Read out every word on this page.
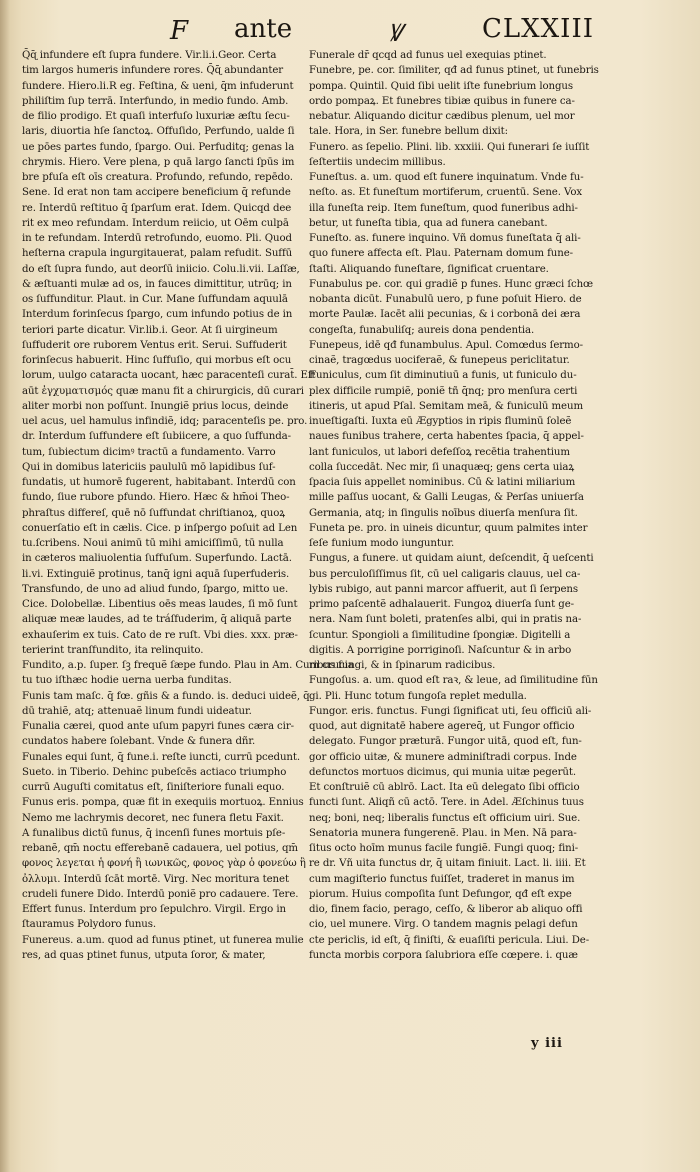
F ante	Ꝟ	CLXXIII
Q̄ɋ̄ infundere eſt ſupra fundere. Vir.li.i.Geor. Certa
tim largos humeris infundere rores. Q̄ɋ̄ abundanter
fundere. Hiero.li.R eg. Feſtina, & ueni, q̄m infuderunt
philiſtim ſup terrā. Interfundo, in medio fundo. Amb.
de filio prodigo. Et quaſi interfuſo luxuriæ æſtu ſecu-
laris, diuortia hſe ſanctoꝝ. Offuſido, Perfundo, ualde ſi
ue pōes partes fundo, ſpargo. Oui. Perfuditq; genas la
chrymis. Hiero. Vere plena, p quā largo ſancti ſpūs im
bre pfuſa eſt oīs creatura. Profundo, refundo, repēdo.
Sene. Id erat non tam accipere beneficium q̄ refunde
re. Interdū reſtituo q̄ ſparſum erat. Idem. Quicqd dee
rit ex meo refundam. Interdum reiicio, ut Oēm culpā
in te refundam. Interdū retrofundo, euomo. Pli. Quod
heſterna crapula ingurgitauerat, palam refudit. Suffū
do eſt ſupra fundo, aut deorſū iniicio. Colu.li.vii. Laſſæ,
& æſtuanti mulæ ad os, in fauces dimittitur, utrūq; in
os ſuffunditur. Plaut. in Cur. Mane ſuffundam aquulā
Interdum forinſecus ſpargo, cum infundo potius de in
teriori parte dicatur. Vir.lib.i. Geor. At ſi uirgineum
ſuffuderit ore ruborem Ventus erit. Serui. Suffuderit
forinſecus habuerit. Hinc ſuffuſio, qui morbus eſt ocu
lorum, uulgo cataracta uocant, hæc paracenteſi curat̄. Eſt
aūt ἐγχυματισμός quæ manu fit a chirurgicis, dū curari
aliter morbi non poſſunt. Inungiẽ prius locus, deinde
uel acus, uel hamulus infindiẽ, idq; paracenteſis pe. pro.
dr. Interdum ſuffundere eſt ſubiicere, a quo ſuffunda-
tum, ſubiectum dicimꝰ tractū a fundamento. Varro
Qui in domibus latericiis paululū mō lapidibus ſuf-
fundatis, ut humorē fugerent, habitabant. Interdū con
fundo, ſiue rubore pfundo. Hiero. Hæc & hm̄oi Theo-
phraſtus differeſ, quē nō ſuffundat chriſtianoꝝ, quoꝝ
conuerſatio eſt in cælis. Cice. p inſpergo poſuit ad Len
tu.ſcribens. Noui animū tū mihi amiciſſimū, tū nulla
in cæteros maliuolentia ſuffuſum. Superfundo. Lactā.
li.vi. Extinguiẽ protinus, tanq̄ igni aquā ſuperfuderis.
Transfundo, de uno ad aliud fundo, ſpargo, mitto ue.
Cice. Dolobellæ. Libentius oēs meas laudes, ſi mō ſunt
aliquæ meæ laudes, ad te tráſfuderim, q̄ aliquā parte
exhauſerim ex tuis. Cato de re ruſt. Vbi dies. xxx. præ-
terierint tranſfundito, ita relinquito.
Fundito, a.p. ſuper. ſꝫ frequẽ ſæpe fundo. Plau in Am. Cum crucia
tu tuo iſthæc hodie uerna uerba funditas.
Funis tam maſc. q̄ fœ. gñis & a fundo. is. deduci uideẽ, q̄
dū trahiẽ, atq; attenuaẽ linum fundi uideatur.
Funalia cærei, quod ante uſum papyri funes cæra cir-
cundatos habere ſolebant. Vnde & funera dñr.
Funales equi ſunt, q̄ fune.i. reſte iuncti, currū pcedunt.
Sueto. in Tiberio. Dehinc pubeſcēs actiaco triumpho
currū Auguſti comitatus eſt, ſiniſteriore funali equo.
Funus eris. pompa, quæ fit in exequiis mortuoꝝ. Ennius
Nemo me lachrymis decoret, nec funera fletu Faxit.
A funalibus dictū funus, q̄ incenſi funes mortuis pſe-
rebanẽ, qm̄ noctu efferebanẽ cadauera, uel potius, qm̄
φονος λεγεται ἡ φονή ἢ ιωνικῶς, φονος γὰρ ὁ φονεύω ἢ
ὀλλυμι. Interdū ſcāt mortē. Virg. Nec moritura tenet
crudeli funere Dido. Interdū poniẽ pro cadauere. Tere.
Effert funus. Interdum pro ſepulchro. Virgil. Ergo in
ſtauramus Polydoro funus.
Funereus. a.um. quod ad funus ptinet, ut funerea mulie
res, ad quas ptinet funus, utputa ſoror, & mater,
Funerale dr̄ qcqd ad funus uel exequias ptinet.
Funebre, pe. cor. ſimiliter, qđ ad funus ptinet, ut funebris
pompa. Quintil. Quid ſibi uelit iſte funebrium longus
ordo pompaꝝ. Et funebres tibiæ quibus in funere ca-
nebatur. Aliquando dicitur cædibus plenum, uel mor
tale. Hora, in Ser. funebre bellum dixit:
Funero. as ſepelio. Plini. lib. xxxiii. Qui funerari ſe iuſſit
ſeſtertiis undecim millibus.
Funeſtus. a. um. quod eſt funere inquinatum. Vnde fu-
neſto. as. Et funeſtum mortiferum, cruentū. Sene. Vox
illa funeſta reip. Item funeſtum, quod funeribus adhi-
betur, ut funeſta tibia, qua ad funera canebant.
Funeſto. as. funere inquino. Vñ domus funeſtata q̄ ali-
quo funere affecta eſt. Plau. Paternam domum fune-
ſtaſti. Aliquando funeſtare, ſignificat cruentare.
Funabulus pe. cor. qui gradiẽ p funes. Hunc græci ſchœ
nobanta dicūt. Funabulū uero, p fune poſuit Hiero. de
morte Paulæ. Iacēt alii pecunias, & i corbonā dei æra
congeſta, funabuliſq; aureis dona pendentia.
Funepeus, idē qđ funambulus. Apul. Comœdus ſermo-
cinaẽ, tragœdus uociferaẽ, & funepeus periclitatur.
Funiculus, cum ſit diminutiuū a funis, ut funiculo du-
plex difficile rumpiẽ, poniẽ tñ q̄nq; pro menſura certi
itineris, ut apud Pſal. Semitam meā, & funiculū meum
inueſtigaſti. Iuxta eū Ægyptios in ripis fluminū ſoleẽ
naues funibus trahere, certa habentes ſpacia, q̄ appel-
lant funiculos, ut labori defeſſoꝝ recētia trahentium
colla ſuccedāt. Nec mir, ſi unaquæq; gens certa uiaꝝ
ſpacia ſuis appellet nominibus. Cū & latini miliarium
mille paſſus uocant, & Galli Leugas, & Perſas uniuerſa
Germania, atq; in ſingulis noībus diuerſa menſura ſit.
Funeta pe. pro. in uineis dicuntur, quum palmites inter
ſeſe funium modo iunguntur.
Fungus, a funere. ut quidam aiunt, deſcendit, q̄ ueſcenti
bus perculoſiſſimus ſit, cū uel caligaris clauus, uel ca-
lybis rubigo, aut panni marcor affuerit, aut ſi ſerpens
primo paſcentẽ adhalauerit. Fungoꝝ diuerſa ſunt ge-
nera. Nam ſunt boleti, pratenſes albi, qui in pratis na-
ſcuntur. Spongioli a ſimilitudine ſpongiæ. Digitelli a
digitis. A porrigine porriginoſi. Naſcuntur & in arbo
ribus fungi, & in ſpinarum radicibus.
Fungoſus. a. um. quod eſt raꝛ, & leue, ad ſimilitudine fūn
gi. Pli. Hunc totum fungoſa replet medulla.
Fungor. eris. functus. Fungi ſignificat uti, ſeu officiū ali-
quod, aut dignitatē habere agereq̄, ut Fungor officio
delegato. Fungor præturā. Fungor uitā, quod eſt, fun-
gor officio uitæ, & munere adminiſtradi corpus. Inde
defunctos mortuos dicimus, qui munia uitæ pegerūt.
Et conſtruiẽ cū ablrō. Lact. Ita eū delegato ſibi officio
functi ſunt. Aliqñ cū actō. Tere. in Adel. Æſchinus tuus
neq; boni, neq; liberalis functus eſt officium uiri. Sue.
Senatoria munera fungerenẽ. Plau. in Men. Nā para-
ſitus octo hoīm munus facile fungiẽ. Fungi quoq; fini-
re dr. Vñ uita functus dr, q̄ uitam finiuit. Lact. li. iiii. Et
cum magiſterio functus fuiſſet, traderet in manus im
piorum. Huius compoſita ſunt Defungor, qđ eſt expe
dio, finem facio, perago, ceſſo, & liberor ab aliquo offi
cio, uel munere. Virg. O tandem magnis pelagi defun
cte periclis, id eſt, q̄ finiſti, & euaſiſti pericula. Liui. De-
functa morbis corpora ſalubriora eſſe cœpere. i. quæ
y iii
